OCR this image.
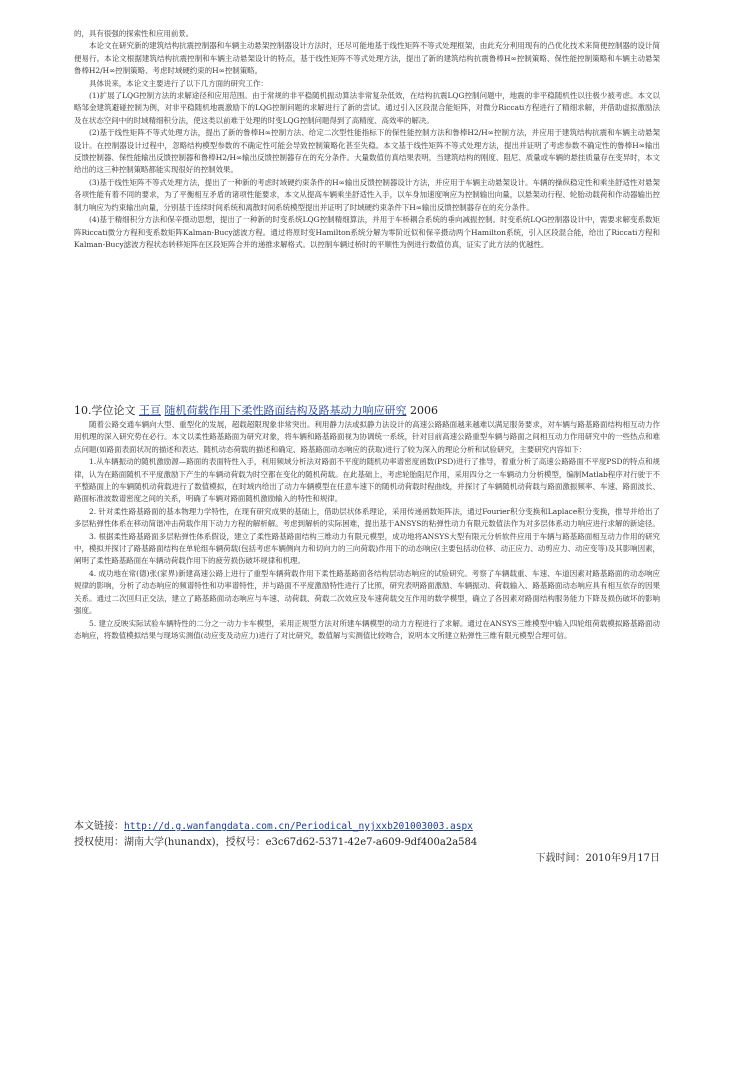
的，具有很强的探索性和应用前景。

本论文在研究新的建筑结构抗震控制器和车辆主动悬架控制器设计方法时，还尽可能地基于线性矩阵不等式处理框架，由此充分利用现有的凸优化技术来简便控制器的设计简便易行。本论文根据建筑结构抗震控制和车辆主动悬架设计的特点，基于线性矩阵不等式处理方法，提出了新的建筑结构抗震鲁棒H∞控制策略、保性能控制策略和车辆主动悬架鲁棒H2/H∞控制策略、考虑时域硬约束的H∞控制策略。

具体说来，本论文主要进行了以下几方面的研究工作：

(1)扩展了LQG控制方法的求解途径和应用范围。由于常规的非平稳随机振动算法非常复杂低效，在结构抗震LQG控制问题中，地震的非平稳随机性以往极少被考虑。本文以略邹金建筑避碰控制为例，对非平稳随机地震激励下的LQG控制问题的求解进行了新的尝试。通过引入区段混合能矩阵，对微分Riccati方程进行了精细求解，并借助虚拟激励法及在状态空间中的时域精细积分法，使这类以前难于处理的时变LQG控制问题得到了高精度、高效率的解决。

(2)基于线性矩阵不等式处理方法，提出了新的鲁棒H∞控制方法、给定二次型性能指标下的保性能控制方法和鲁棒H2/H∞控制方法，并应用于建筑结构抗震和车辆主动悬架设计。在控制器设计过程中，忽略结构模型参数的不确定性可能会导致控制策略化甚至失稳。本文基于线性矩阵不等式处理方法，提出并证明了考虑参数不确定性的鲁棒H∞输出反馈控制器、保性能输出反馈控制器和鲁棒H2/H∞输出反馈控制器存在的充分条件。大量数值仿真结果表明，当建筑结构的刚度、阻尼、质量或车辆的悬挂质量存在变异时，本文给出的这三种控制策略都能实现很好的控制效果。

(3)基于线性矩阵不等式处理方法，提出了一种新的考虑时域硬约束条件的H∞输出反馈控制器设计方法，并应用于车辆主动悬架设计。车辆的操纵稳定性和乘坐舒适性对悬架各项性能有着不同的要求，为了平衡相互矛盾的诸项性能要求，本文从提高车辆乘坐舒适性入手，以车身加速度响应为控制输出向量，以悬架动行程、轮胎动载荷和作动器输出控制力响应为约束输出向量，分别基于连续时间系统和离散时间系统模型提出并证明了时域硬约束条件下H∞输出反馈控制器存在的充分条件。

(4)基于精细积分方法和保辛摄动思想，提出了一种新的时变系统LQG控制精细算法，并用于车桥耦合系统的垂向减振控制。时变系统LQG控制器设计中，需要求解变系数矩阵Riccati微分方程和变系数矩阵Kalman-Bucy滤波方程。通过将原时变Hamilton系统分解为零阶近似和保辛摄动两个Hamilton系统，引入区段混合能，给出了Riccati方程和Kalman-Bucy滤波方程状态转移矩阵在区段矩阵合并的递推求解格式。以控制车辆过桥时的平顺性为例进行数值仿真，证实了此方法的优越性。

10.学位论文 王亘 随机荷载作用下柔性路面结构及路基动力响应研究 2006

随着公路交通车辆向大型、重型化的发展，超载超限现象非常突出。利用静力法或拟静力法设计的高速公路路面越来越难以满足服务要求，对车辆与路基路面结构相互动力作用机理的深入研究势在必行。本文以柔性路基路面为研究对象，将车辆和路基路面视为协调统一系统，针对目前高速公路重型车辆与路面之间相互动力作用研究中的一些热点和难点问题(如路面表面状况的描述和表达、随机动态荷载的描述和确定、路基路面动态响应的获取)进行了较为深入的理论分析和试验研究，主要研究内容如下：

1.从车辆振动的随机激励源—路面的表面特性入手，利用频域分析法对路面不平度的随机功率谱密度函数(PSD)进行了推导，着重分析了高速公路路面不平度PSD的特点和规律，认为在路面随机不平度激励下产生的车辆动荷载为时空都在变化的随机荷载。在此基础上，考虑轮胎阻尼作用，采用四分之一车辆动力分析模型，编制Matlab程序对行驶于不平整路面上的车辆随机动荷载进行了数值模拟，在时域内给出了动力车辆模型在任意车速下的随机动荷载时程曲线，并探讨了车辆随机动荷载与路面激振频率、车速、路面波长、路面标准波数谱密度之间的关系，明确了车辆对路面随机激励输入的特性和规律。

2. 针对柔性路基路面的基本物理力学特性，在现有研究成果的基础上，借助层状体系理论，采用传递函数矩阵法，通过Fourier积分变换和Laplace积分变换，推导并给出了多层粘弹性体系在移动简谐冲击荷载作用下动力方程的解析解。考虑到解析的实际困难，提出基于ANSYS的粘弹性动力有限元数值法作为对多层体系动力响应进行求解的新途径。

3. 根据柔性路基路面多层粘弹性体系假设，建立了柔性路基路面结构三维动力有限元模型，成功地将ANSYS大型有限元分析软件应用于车辆与路基路面相互动力作用的研究中，模拟并探讨了路基路面结构在单轮组车辆荷载(包括考虑车辆侧向力和切向力的三向荷载)作用下的动态响应(主要包括动位移、动正应力、动剪应力、动应变等)及其影响因素，阐明了柔性路基路面在车辆动荷载作用下的疲劳损伤破坏规律和机理。

4. 成功地在常(德)张(家界)新建高速公路上进行了重型车辆荷载作用下柔性路基路面各结构层动态响应的试验研究。考察了车辆载重、车速、车道因素对路基路面的动态响应规律的影响，分析了动态响应的频谱特性和功率谱特性，并与路面不平度激励特性进行了比照，研究表明路面激励、车辆振动、荷载输入、路基路面动态响应具有相互依存的因果关系。通过二次回归正交法，建立了路基路面动态响应与车速、动荷载、荷载二次效应及车速荷载交互作用的数学模型，确立了各因素对路面结构服务能力下降及损伤破坏的影响强度。

5. 建立反映实际试验车辆特性的二分之一动力卡车模型，采用正规型方法对所建车辆模型的动力方程进行了求解。通过在ANSYS三维模型中输入四轮组荷载模拟路基路面动态响应，将数值模拟结果与现场实测值(动应变及动应力)进行了对比研究，数值解与实测值比较吻合，说明本文所建立粘弹性三维有限元模型合理可信。

本文链接：http://d.g.wanfangdata.com.cn/Periodical_nyjxxb201003003.aspx
授权使用：湖南大学(hunandx)，授权号：e3c67d62-5371-42e7-a609-9df400a2a584
下载时间：2010年9月17日
